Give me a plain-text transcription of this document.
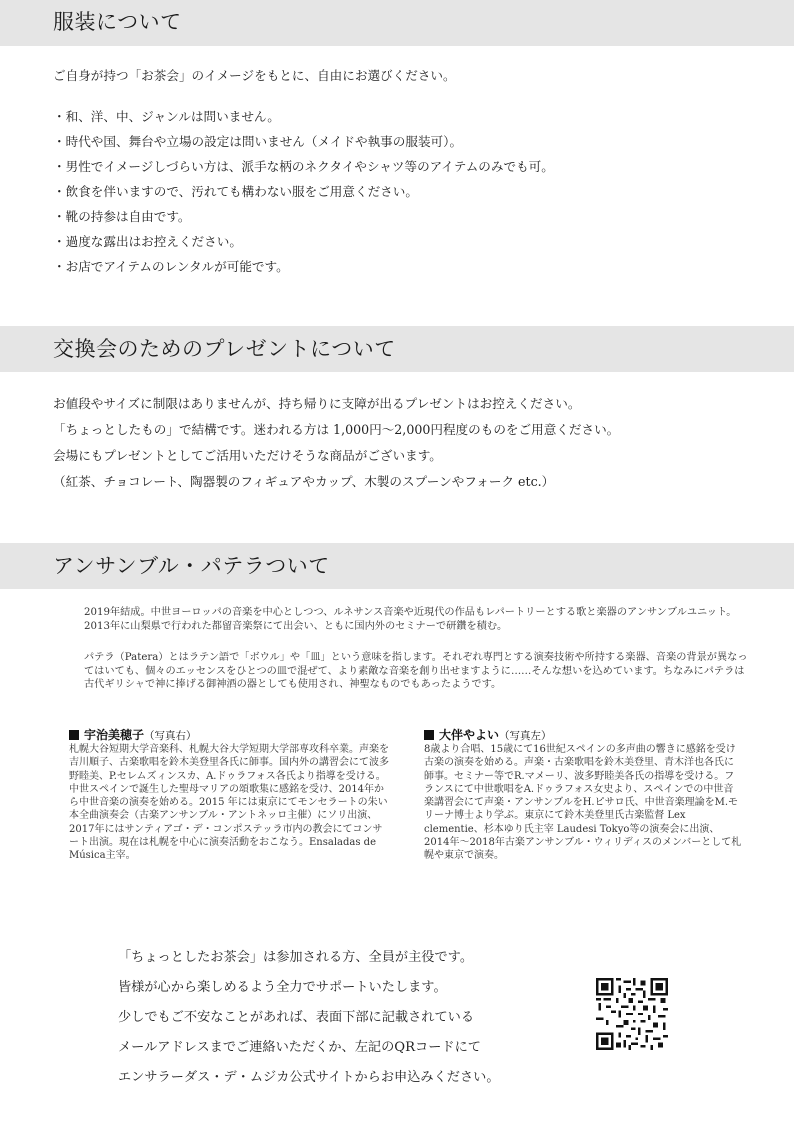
服装について
ご自身が持つ「お茶会」のイメージをもとに、自由にお選びください。
・和、洋、中、ジャンルは問いません。
・時代や国、舞台や立場の設定は問いません（メイドや執事の服装可）。
・男性でイメージしづらい方は、派手な柄のネクタイやシャツ等のアイテムのみでも可。
・飲食を伴いますので、汚れても構わない服をご用意ください。
・靴の持参は自由です。
・過度な露出はお控えください。
・お店でアイテムのレンタルが可能です。
交換会のためのプレゼントについて
お値段やサイズに制限はありませんが、持ち帰りに支障が出るプレゼントはお控えください。
「ちょっとしたもの」で結構です。迷われる方は 1,000円～2,000円程度のものをご用意ください。
会場にもプレゼントとしてご活用いただけそうな商品がございます。
（紅茶、チョコレート、陶器製のフィギュアやカップ、木製のスプーンやフォーク etc.）
アンサンブル・パテラついて
2019年結成。中世ヨーロッパの音楽を中心としつつ、ルネサンス音楽や近現代の作品もレパートリーとする歌と楽器のアンサンブルユニット。2013年に山梨県で行われた都留音楽祭にて出会い、ともに国内外のセミナーで研鑽を積む。
パテラ（Patera）とはラテン語で「ボウル」や「皿」という意味を指します。それぞれ専門とする演奏技術や所持する楽器、音楽の背景が異なってはいても、個々のエッセンスをひとつの皿で混ぜて、より素敵な音楽を創り出せますように……そんな想いを込めています。ちなみにパテラは古代ギリシャで神に捧げる御神酒の器としても使用され、神聖なものでもあったようです。
宇治美穂子（写真右）
札幌大谷短期大学音楽科、札幌大谷大学短期大学部専攻科卒業。声楽を吉川順子、古楽歌唱を鈴木美登里各氏に師事。国内外の講習会にて波多野睦美、P.セレムズィンスカ、A.ドゥラフォス各氏より指導を受ける。中世スペインで誕生した聖母マリアの頌歌集に感銘を受け、2014年から中世音楽の演奏を始める。2015 年には東京にてモンセラートの朱い本全曲演奏会（古楽アンサンブル・アントネッロ主催）にソリ出演、2017年にはサンティアゴ・デ・コンポステッラ市内の教会にてコンサート出演。現在は札幌を中心に演奏活動をおこなう。Ensaladas de Música主宰。
大伴やよい（写真左）
8歳より合唱、15歳にて16世紀スペインの多声曲の響きに感銘を受け古楽の演奏を始める。声楽・古楽歌唱を鈴木美登里、青木洋也各氏に師事。セミナー等でR.マメーリ、波多野睦美各氏の指導を受ける。フランスにて中世歌唱をA.ドゥラフォス女史より、スペインでの中世音楽講習会にて声楽・アンサンブルをH.ピサロ氏、中世音楽理論をM.モリーナ博士より学ぶ。東京にて鈴木美登里氏古楽監督 Lex clementie、杉本ゆり氏主宰 Laudesi Tokyo等の演奏会に出演、2014年～2018年古楽アンサンブル・ウィリディスのメンバーとして札幌や東京で演奏。
「ちょっとしたお茶会」は参加される方、全員が主役です。
皆様が心から楽しめるよう全力でサポートいたします。
少しでもご不安なことがあれば、表面下部に記載されている
メールアドレスまでご連絡いただくか、左記のQRコードにて
エンサラーダス・デ・ムジカ公式サイトからお申込みください。
